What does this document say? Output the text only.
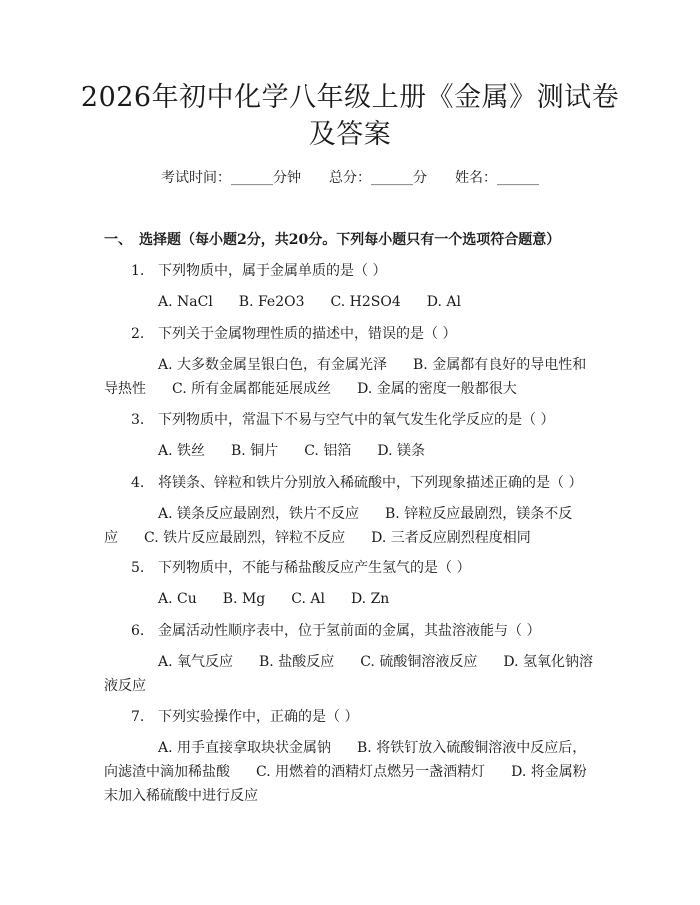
2026年初中化学八年级上册《金属》测试卷
及答案
考试时间：______分钟 总分：______分 姓名：______
一、　选择题（每小题2分，共20分。下列每小题只有一个选项符合题意）
1. 下列物质中，属于金属单质的是（ ）
A. NaCl B. Fe2O3 C. H2SO4 D. Al
2. 下列关于金属物理性质的描述中，错误的是（ ）
A. 大多数金属呈银白色，有金属光泽 B. 金属都有良好的导电性和导热性 C. 所有金属都能延展成丝 D. 金属的密度一般都很大
3. 下列物质中，常温下不易与空气中的氧气发生化学反应的是（ ）
A. 铁丝 B. 铜片 C. 铝箔 D. 镁条
4. 将镁条、锌粒和铁片分别放入稀硫酸中，下列现象描述正确的是（ ）
A. 镁条反应最剧烈，铁片不反应 B. 锌粒反应最剧烈，镁条不反应 C. 铁片反应最剧烈，锌粒不反应 D. 三者反应剧烈程度相同
5. 下列物质中，不能与稀盐酸反应产生氢气的是（ ）
A. Cu B. Mg C. Al D. Zn
6. 金属活动性顺序表中，位于氢前面的金属，其盐溶液能与（ ）
A. 氧气反应 B. 盐酸反应 C. 硫酸铜溶液反应 D. 氢氧化钠溶液反应
7. 下列实验操作中，正确的是（ ）
A. 用手直接拿取块状金属钠 B. 将铁钉放入硫酸铜溶液中反应后，向滤渣中滴加稀盐酸 C. 用燃着的酒精灯点燃另一盏酒精灯 D. 将金属粉末加入稀硫酸中进行反应
